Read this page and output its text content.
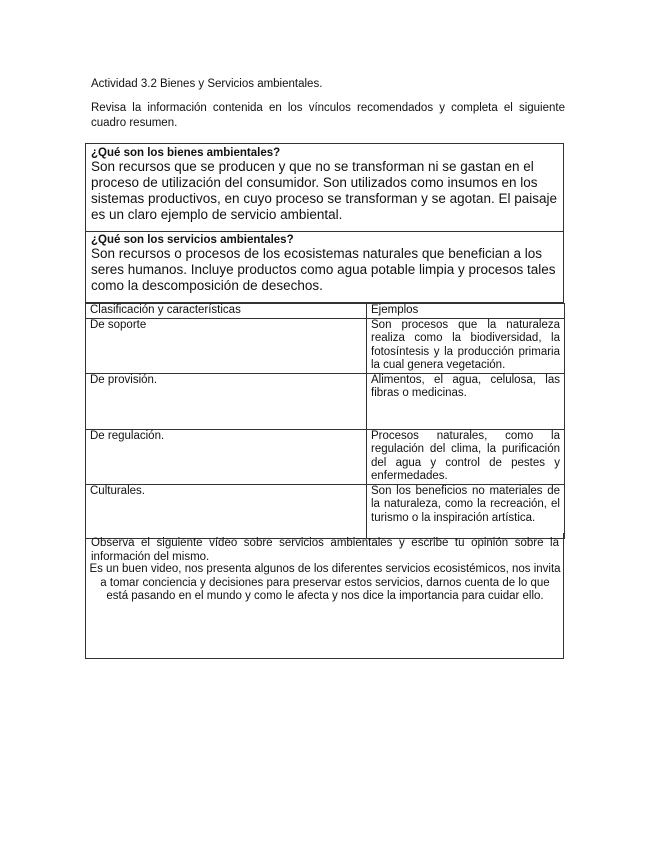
Actividad 3.2 Bienes y Servicios ambientales.
Revisa la información contenida en los vínculos recomendados y completa el siguiente cuadro resumen.
¿Qué son los bienes ambientales?
Son recursos que se producen y que no se transforman ni se gastan en el proceso de utilización del consumidor. Son utilizados como insumos en los sistemas productivos, en cuyo proceso se transforman y se agotan. El paisaje es un claro ejemplo de servicio ambiental.
¿Qué son los servicios ambientales?
Son recursos o procesos de los ecosistemas naturales que benefician a los seres humanos. Incluye productos como agua potable limpia y procesos tales como la descomposición de desechos.
Clasificación y características	Ejemplos
De soporte	Son procesos que la naturaleza realiza como la biodiversidad, la fotosíntesis y la producción primaria la cual genera vegetación.
De provisión.	Alimentos, el agua, celulosa, las fibras o medicinas.
De regulación.	Procesos naturales, como la regulación del clima, la purificación del agua y control de pestes y enfermedades.
Culturales.	Son los beneficios no materiales de la naturaleza, como la recreación, el turismo o la inspiración artística.
Observa el siguiente vídeo sobre servicios ambientales y escribe tu opinión sobre la información del mismo.
Es un buen video, nos presenta algunos de los diferentes servicios ecosistémicos, nos invita a tomar conciencia y decisiones para preservar estos servicios, darnos cuenta de lo que está pasando en el mundo y como le afecta y nos dice la importancia para cuidar ello.
